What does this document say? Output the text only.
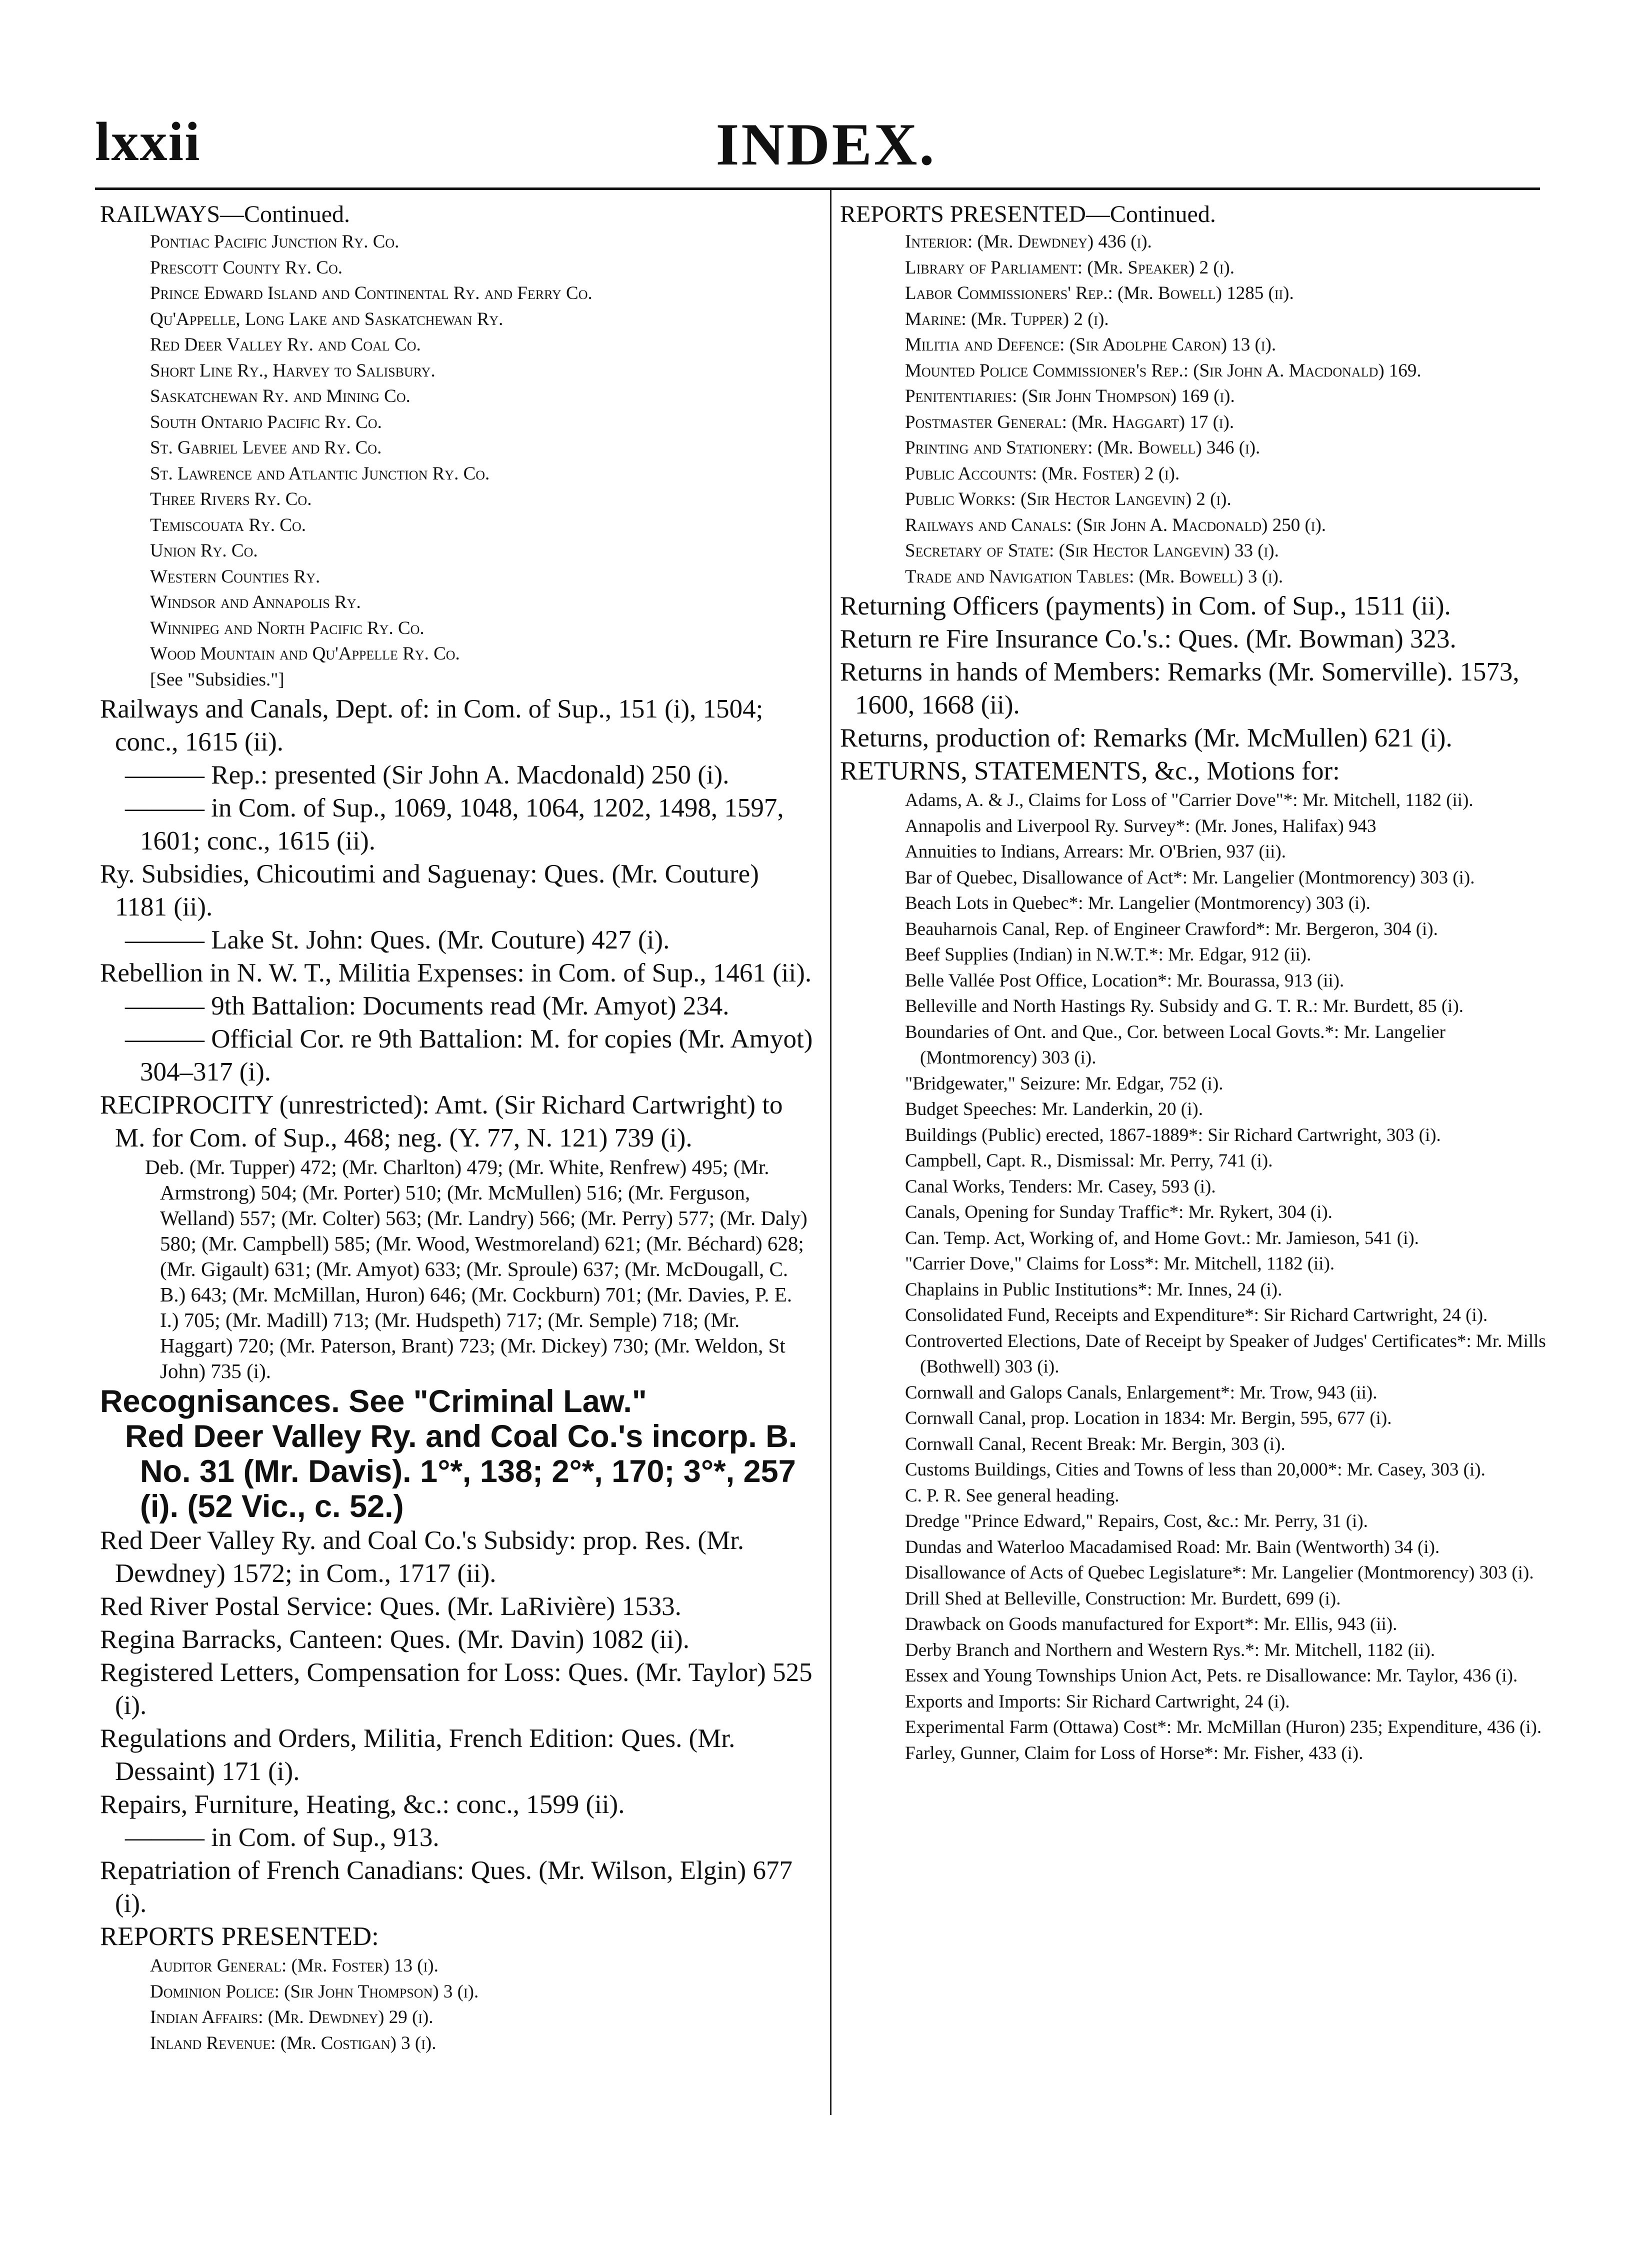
lxxii	INDEX.

RAILWAYS—Continued.

Pontiac Pacific Junction Ry. Co.

Prescott County Ry. Co.

Prince Edward Island and Continental Ry. and Ferry Co.

Qu'Appelle, Long Lake and Saskatchewan Ry.

Red Deer Valley Ry. and Coal Co.

Short Line Ry., Harvey to Salisbury.

Saskatchewan Ry. and Mining Co.

South Ontario Pacific Ry. Co.

St. Gabriel Levee and Ry. Co.

St. Lawrence and Atlantic Junction Ry. Co.

Three Rivers Ry. Co.

Temiscouata Ry. Co.

Union Ry. Co.

Western Counties Ry.

Windsor and Annapolis Ry.

Winnipeg and North Pacific Ry. Co.

Wood Mountain and Qu'Appelle Ry. Co.

[See "Subsidies."]

Railways and Canals, Dept. of: in Com. of Sup., 151 (i), 1504; conc., 1615 (ii).

——— Rep.: presented (Sir John A. Macdonald) 250 (i).

——— in Com. of Sup., 1069, 1048, 1064, 1202, 1498, 1597, 1601; conc., 1615 (ii).

Ry. Subsidies, Chicoutimi and Saguenay: Ques. (Mr. Couture) 1181 (ii).

——— Lake St. John: Ques. (Mr. Couture) 427 (i).

Rebellion in N. W. T., Militia Expenses: in Com. of Sup., 1461 (ii).

——— 9th Battalion: Documents read (Mr. Amyot) 234.

——— Official Cor. re 9th Battalion: M. for copies (Mr. Amyot) 304–317 (i).

RECIPROCITY (unrestricted): Amt. (Sir Richard Cartwright) to M. for Com. of Sup., 468; neg. (Y. 77, N. 121) 739 (i).

Deb. (Mr. Tupper) 472; (Mr. Charlton) 479; (Mr. White, Renfrew) 495; (Mr. Armstrong) 504; (Mr. Porter) 510; (Mr. McMullen) 516; (Mr. Ferguson, Welland) 557; (Mr. Colter) 563; (Mr. Landry) 566; (Mr. Perry) 577; (Mr. Daly) 580; (Mr. Campbell) 585; (Mr. Wood, Westmoreland) 621; (Mr. Béchard) 628; (Mr. Gigault) 631; (Mr. Amyot) 633; (Mr. Sproule) 637; (Mr. McDougall, C. B.) 643; (Mr. McMillan, Huron) 646; (Mr. Cockburn) 701; (Mr. Davies, P. E. I.) 705; (Mr. Madill) 713; (Mr. Hudspeth) 717; (Mr. Semple) 718; (Mr. Haggart) 720; (Mr. Paterson, Brant) 723; (Mr. Dickey) 730; (Mr. Weldon, St John) 735 (i).

Recognisances. See "Criminal Law."

Red Deer Valley Ry. and Coal Co.'s incorp. B. No. 31 (Mr. Davis). 1°*, 138; 2°*, 170; 3°*, 257 (i). (52 Vic., c. 52.)

Red Deer Valley Ry. and Coal Co.'s Subsidy: prop. Res. (Mr. Dewdney) 1572; in Com., 1717 (ii).

Red River Postal Service: Ques. (Mr. LaRivière) 1533.

Regina Barracks, Canteen: Ques. (Mr. Davin) 1082 (ii).

Registered Letters, Compensation for Loss: Ques. (Mr. Taylor) 525 (i).

Regulations and Orders, Militia, French Edition: Ques. (Mr. Dessaint) 171 (i).

Repairs, Furniture, Heating, &c.: conc., 1599 (ii).

——— in Com. of Sup., 913.

Repatriation of French Canadians: Ques. (Mr. Wilson, Elgin) 677 (i).

REPORTS PRESENTED:

Auditor General: (Mr. Foster) 13 (i).

Dominion Police: (Sir John Thompson) 3 (i).

Indian Affairs: (Mr. Dewdney) 29 (i).

Inland Revenue: (Mr. Costigan) 3 (i).

REPORTS PRESENTED—Continued.

Interior: (Mr. Dewdney) 436 (i).

Library of Parliament: (Mr. Speaker) 2 (i).

Labor Commissioners' Rep.: (Mr. Bowell) 1285 (ii).

Marine: (Mr. Tupper) 2 (i).

Militia and Defence: (Sir Adolphe Caron) 13 (i).

Mounted Police Commissioner's Rep.: (Sir John A. Macdonald) 169.

Penitentiaries: (Sir John Thompson) 169 (i).

Postmaster General: (Mr. Haggart) 17 (i).

Printing and Stationery: (Mr. Bowell) 346 (i).

Public Accounts: (Mr. Foster) 2 (i).

Public Works: (Sir Hector Langevin) 2 (i).

Railways and Canals: (Sir John A. Macdonald) 250 (i).

Secretary of State: (Sir Hector Langevin) 33 (i).

Trade and Navigation Tables: (Mr. Bowell) 3 (i).

Returning Officers (payments) in Com. of Sup., 1511 (ii).

Return re Fire Insurance Co.'s.: Ques. (Mr. Bowman) 323.

Returns in hands of Members: Remarks (Mr. Somerville). 1573, 1600, 1668 (ii).

Returns, production of: Remarks (Mr. McMullen) 621 (i).

RETURNS, STATEMENTS, &c., Motions for:

Adams, A. & J., Claims for Loss of "Carrier Dove"*: Mr. Mitchell, 1182 (ii).

Annapolis and Liverpool Ry. Survey*: (Mr. Jones, Halifax) 943

Annuities to Indians, Arrears: Mr. O'Brien, 937 (ii).

Bar of Quebec, Disallowance of Act*: Mr. Langelier (Montmorency) 303 (i).

Beach Lots in Quebec*: Mr. Langelier (Montmorency) 303 (i).

Beauharnois Canal, Rep. of Engineer Crawford*: Mr. Bergeron, 304 (i).

Beef Supplies (Indian) in N.W.T.*: Mr. Edgar, 912 (ii).

Belle Vallée Post Office, Location*: Mr. Bourassa, 913 (ii).

Belleville and North Hastings Ry. Subsidy and G. T. R.: Mr. Burdett, 85 (i).

Boundaries of Ont. and Que., Cor. between Local Govts.*: Mr. Langelier (Montmorency) 303 (i).

"Bridgewater," Seizure: Mr. Edgar, 752 (i).

Budget Speeches: Mr. Landerkin, 20 (i).

Buildings (Public) erected, 1867-1889*: Sir Richard Cartwright, 303 (i).

Campbell, Capt. R., Dismissal: Mr. Perry, 741 (i).

Canal Works, Tenders: Mr. Casey, 593 (i).

Canals, Opening for Sunday Traffic*: Mr. Rykert, 304 (i).

Can. Temp. Act, Working of, and Home Govt.: Mr. Jamieson, 541 (i).

"Carrier Dove," Claims for Loss*: Mr. Mitchell, 1182 (ii).

Chaplains in Public Institutions*: Mr. Innes, 24 (i).

Consolidated Fund, Receipts and Expenditure*: Sir Richard Cartwright, 24 (i).

Controverted Elections, Date of Receipt by Speaker of Judges' Certificates*: Mr. Mills (Bothwell) 303 (i).

Cornwall and Galops Canals, Enlargement*: Mr. Trow, 943 (ii).

Cornwall Canal, prop. Location in 1834: Mr. Bergin, 595, 677 (i).

Cornwall Canal, Recent Break: Mr. Bergin, 303 (i).

Customs Buildings, Cities and Towns of less than 20,000*: Mr. Casey, 303 (i).

C. P. R. See general heading.

Dredge "Prince Edward," Repairs, Cost, &c.: Mr. Perry, 31 (i).

Dundas and Waterloo Macadamised Road: Mr. Bain (Wentworth) 34 (i).

Disallowance of Acts of Quebec Legislature*: Mr. Langelier (Montmorency) 303 (i).

Drill Shed at Belleville, Construction: Mr. Burdett, 699 (i).

Drawback on Goods manufactured for Export*: Mr. Ellis, 943 (ii).

Derby Branch and Northern and Western Rys.*: Mr. Mitchell, 1182 (ii).

Essex and Young Townships Union Act, Pets. re Disallowance: Mr. Taylor, 436 (i).

Exports and Imports: Sir Richard Cartwright, 24 (i).

Experimental Farm (Ottawa) Cost*: Mr. McMillan (Huron) 235; Expenditure, 436 (i).

Farley, Gunner, Claim for Loss of Horse*: Mr. Fisher, 433 (i).
